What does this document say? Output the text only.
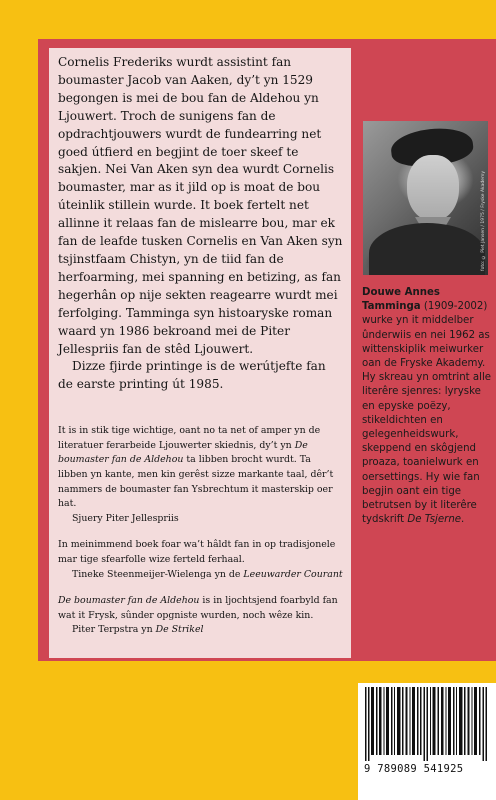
Cornelis Frederiks wurdt assistint fan boumaster Jacob van Aaken, dy’t yn 1529 begongen is mei de bou fan de Aldehou yn Ljouwert. Troch de sunigens fan de opdrachtjouwers wurdt de fundearring net goed útfierd en begjint de toer skeef te sakjen. Nei Van Aken syn dea wurdt Cornelis boumaster, mar as it jild op is moat de bou úteinlik stillein wurde. It boek fertelt net allinne it relaas fan de mislearre bou, mar ek fan de leafde tusken Cornelis en Van Aken syn tsjinstfaam Chistyn, yn de tiid fan de herfoarming, mei spanning en betizing, as fan hegerhân op nije sekten reagearre wurdt mei ferfolging. Tamminga syn histoaryske roman waard yn 1986 bekroand mei de Piter Jellespriis fan de stêd Ljouwert.

Dizze fjirde printinge is de werútjefte fan de earste printing út 1985.

It is in stik tige wichtige, oant no ta net of amper yn de literatuer ferarbeide Ljouwerter skiednis, dy’t yn De boumaster fan de Aldehou ta libben brocht wurdt. Ta libben yn kante, men kin gerêst sizze markante taal, dêr’t nammers de boumaster fan Ysbrechtum it masterskip oer hat.

Sjuery Piter Jellespriis

In meinimmend boek foar wa’t hâldt fan in op tradisjonele mar tige sfearfolle wize ferteld ferhaal.

Tineke Steenmeijer-Wielenga yn de Leeuwarder Courant

De boumaster fan de Aldehou is in ljochtsjend foarbyld fan wat it Frysk, sûnder opgniste wurden, noch wêze kin.

Piter Terpstra yn De Strikel

foto: © Piet Jansen / 1975 / Fryske Akademy

Douwe Annes Tamminga (1909-2002) wurke yn it middelber ûnderwiis en nei 1962 as wittenskiplik meiwurker oan de Fryske Akademy. Hy skreau yn omtrint alle literêre sjenres: lyryske en epyske poëzy, stikeldichten en gelegenheidswurk, skeppend en skôgjend proaza, toanielwurk en oersettings. Hy wie fan begjin oant ein tige betrutsen by it literêre tydskrift De Tsjerne.

9 789089 541925
